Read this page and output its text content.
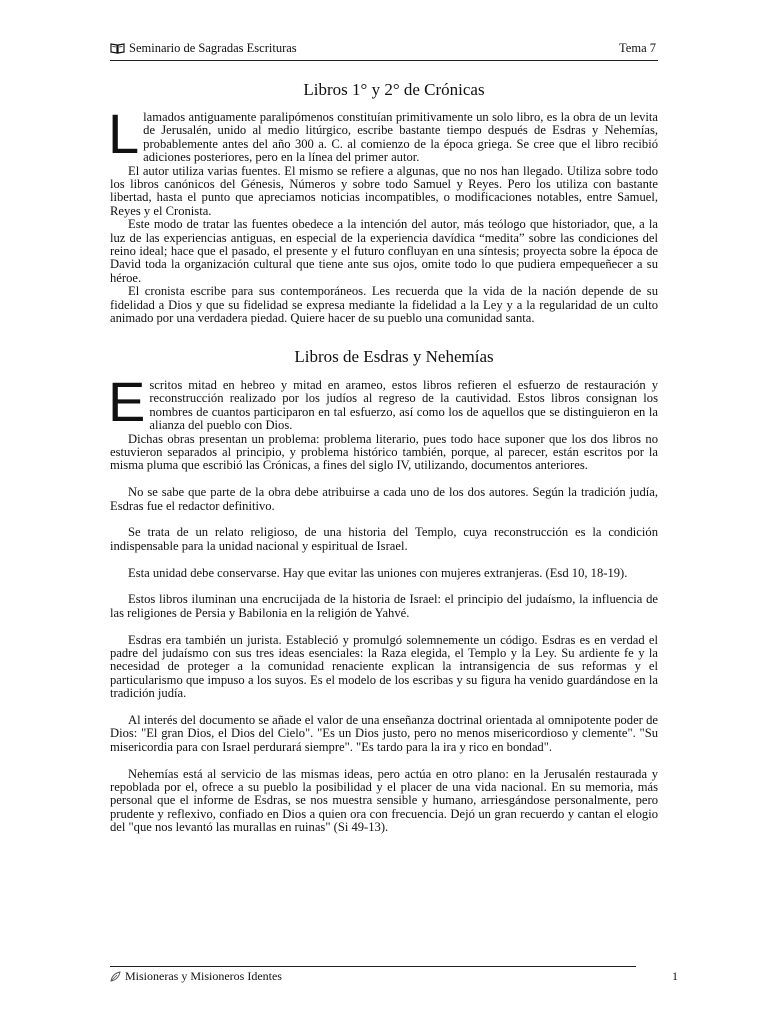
Seminario de Sagradas Escrituras	Tema 7
Libros 1° y 2° de Crónicas

Llamados antiguamente paralipómenos constituían primitivamente un solo libro, es la obra de un levita de Jerusalén, unido al medio litúrgico, escribe bastante tiempo después de Esdras y Nehemías, probablemente antes del año 300 a. C. al comienzo de la época griega. Se cree que el libro recibió adiciones posteriores, pero en la línea del primer autor.

El autor utiliza varias fuentes. El mismo se refiere a algunas, que no nos han llegado. Utiliza sobre todo los libros canónicos del Génesis, Números y sobre todo Samuel y Reyes. Pero los utiliza con bastante libertad, hasta el punto que apreciamos noticias incompatibles, o modificaciones notables, entre Samuel, Reyes y el Cronista.

Este modo de tratar las fuentes obedece a la intención del autor, más teólogo que historiador, que, a la luz de las experiencias antiguas, en especial de la experiencia davídica “medita” sobre las condiciones del reino ideal; hace que el pasado, el presente y el futuro confluyan en una síntesis; proyecta sobre la época de David toda la organización cultural que tiene ante sus ojos, omite todo lo que pudiera empequeñecer a su héroe.

El cronista escribe para sus contemporáneos. Les recuerda que la vida de la nación depende de su fidelidad a Dios y que su fidelidad se expresa mediante la fidelidad a la Ley y a la regularidad de un culto animado por una verdadera piedad. Quiere hacer de su pueblo una comunidad santa.

Libros de Esdras y Nehemías

Escritos mitad en hebreo y mitad en arameo, estos libros refieren el esfuerzo de restauración y reconstrucción realizado por los judíos al regreso de la cautividad. Estos libros consignan los nombres de cuantos participaron en tal esfuerzo, así como los de aquellos que se distinguieron en la alianza del pueblo con Dios.

Dichas obras presentan un problema: problema literario, pues todo hace suponer que los dos libros no estuvieron separados al principio, y problema histórico también, porque, al parecer, están escritos por la misma pluma que escribió las Crónicas, a fines del siglo IV, utilizando, documentos anteriores.

No se sabe que parte de la obra debe atribuirse a cada uno de los dos autores. Según la tradición judía, Esdras fue el redactor definitivo.

Se trata de un relato religioso, de una historia del Templo, cuya reconstrucción es la condición indispensable para la unidad nacional y espiritual de Israel.

Esta unidad debe conservarse. Hay que evitar las uniones con mujeres extranjeras. (Esd 10, 18-19).

Estos libros iluminan una encrucijada de la historia de Israel: el principio del judaísmo, la influencia de las religiones de Persia y Babilonia en la religión de Yahvé.

Esdras era también un jurista. Estableció y promulgó solemnemente un código. Esdras es en verdad el padre del judaísmo con sus tres ideas esenciales: la Raza elegida, el Templo y la Ley. Su ardiente fe y la necesidad de proteger a la comunidad renaciente explican la intransigencia de sus reformas y el particularismo que impuso a los suyos. Es el modelo de los escribas y su figura ha venido guardándose en la tradición judía.

Al interés del documento se añade el valor de una enseñanza doctrinal orientada al omnipotente poder de Dios: "El gran Dios, el Dios del Cielo". "Es un Dios justo, pero no menos misericordioso y clemente". "Su misericordia para con Israel perdurará siempre". "Es tardo para la ira y rico en bondad".

Nehemías está al servicio de las mismas ideas, pero actúa en otro plano: en la Jerusalén restaurada y repoblada por el, ofrece a su pueblo la posibilidad y el placer de una vida nacional. En su memoria, más personal que el informe de Esdras, se nos muestra sensible y humano, arriesgándose personalmente, pero prudente y reflexivo, confiado en Dios a quien ora con frecuencia. Dejó un gran recuerdo y cantan el elogio del "que nos levantó las murallas en ruinas" (Si 49-13).

Misioneras y Misioneros Identes	1
